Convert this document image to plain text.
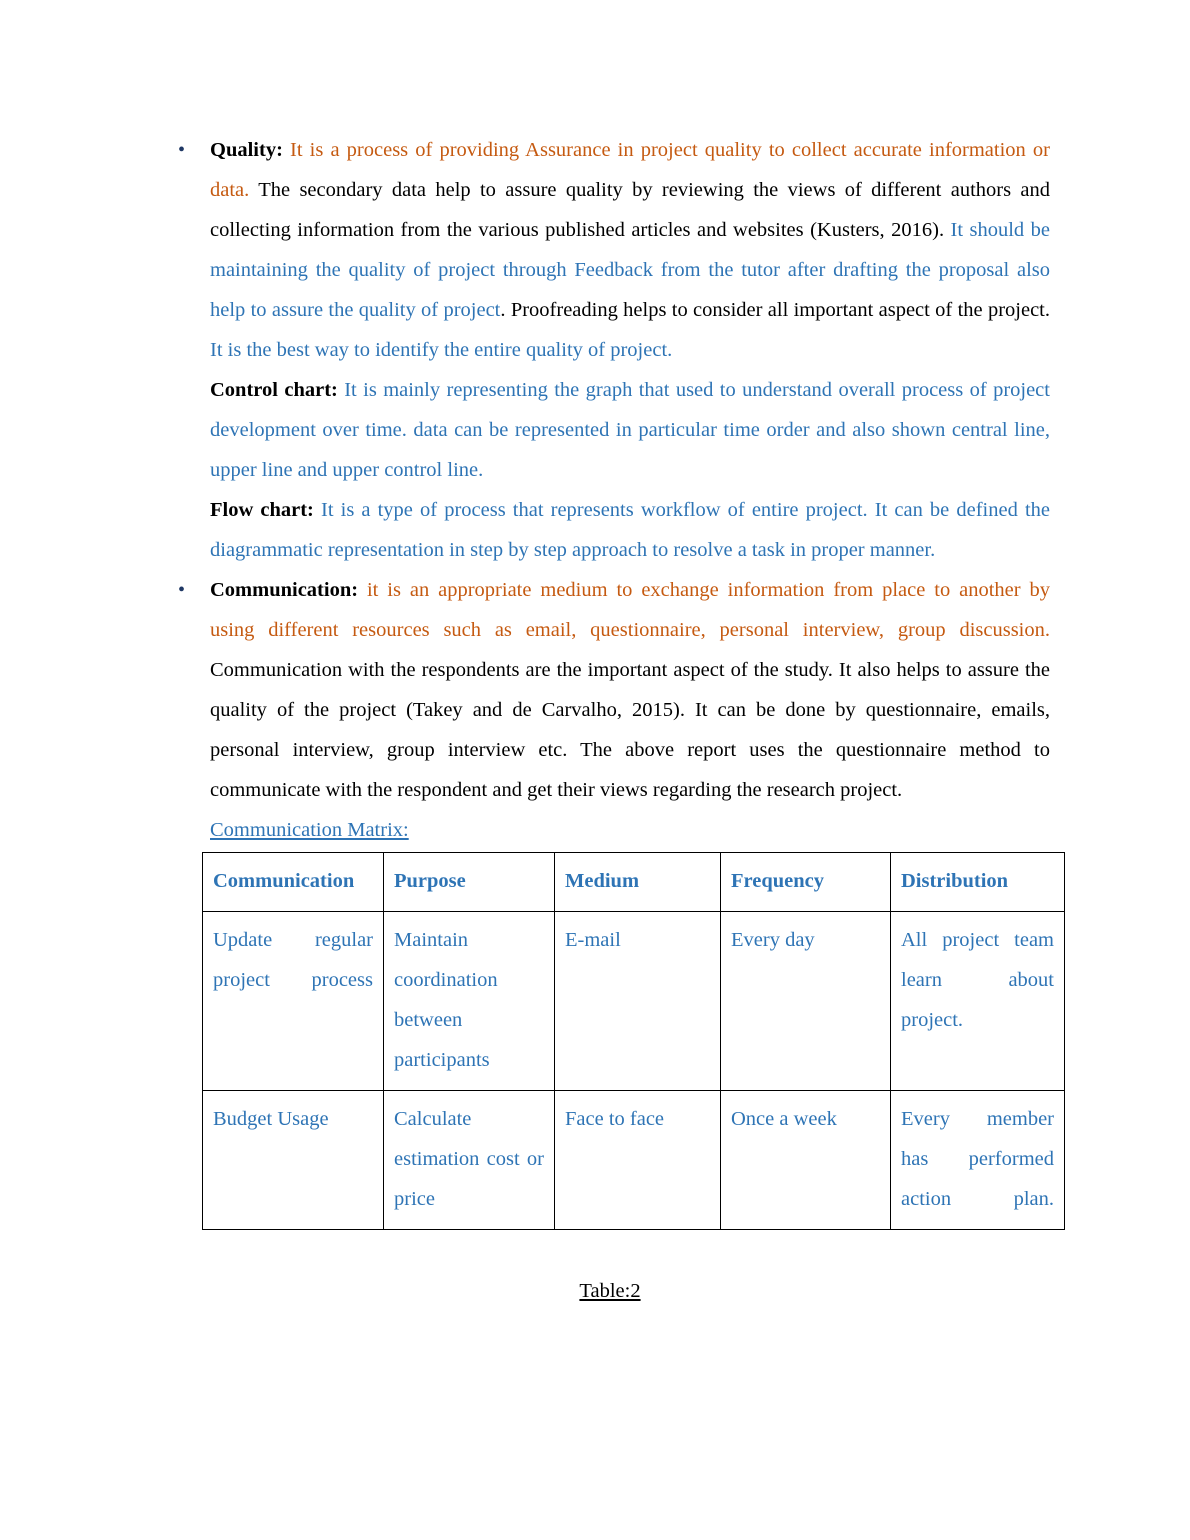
• Quality: It is a process of providing Assurance in project quality to collect accurate information or data. The secondary data help to assure quality by reviewing the views of different authors and collecting information from the various published articles and websites (Kusters, 2016). It should be maintaining the quality of project through Feedback from the tutor after drafting the proposal also help to assure the quality of project. Proofreading helps to consider all important aspect of the project. It is the best way to identify the entire quality of project.

Control chart: It is mainly representing the graph that used to understand overall process of project development over time. data can be represented in particular time order and also shown central line, upper line and upper control line.

Flow chart: It is a type of process that represents workflow of entire project. It can be defined the diagrammatic representation in step by step approach to resolve a task in proper manner.

• Communication: it is an appropriate medium to exchange information from place to another by using different resources such as email, questionnaire, personal interview, group discussion. Communication with the respondents are the important aspect of the study. It also helps to assure the quality of the project (Takey and de Carvalho, 2015). It can be done by questionnaire, emails, personal interview, group interview etc. The above report uses the questionnaire method to communicate with the respondent and get their views regarding the research project.

Communication Matrix:

Communication	Purpose	Medium	Frequency	Distribution
Update regular project process	Maintain coordination between participants	E-mail	Every day	All project team learn about project.
Budget Usage	Calculate estimation cost or price	Face to face	Once a week	Every member has performed action plan.
Table:2
